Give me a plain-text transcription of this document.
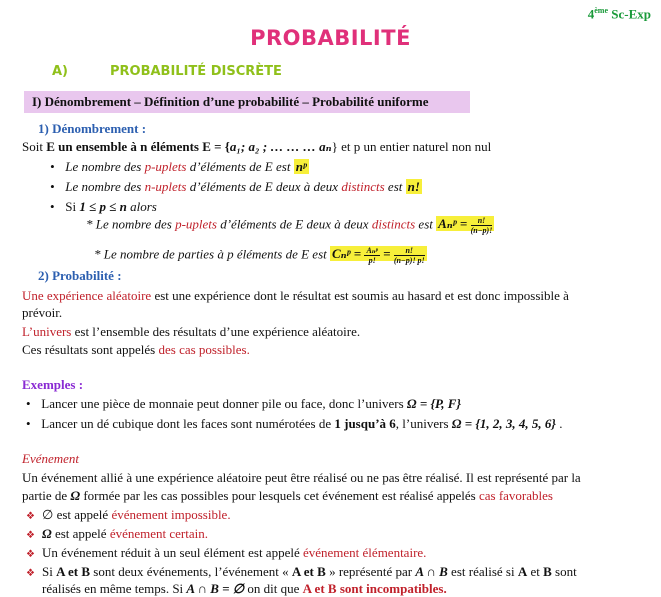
4ème Sc-Exp
PROBABILITÉ
A)	PROBABILITÉ DISCRÈTE
I) Dénombrement – Définition d’une probabilité – Probabilité uniforme
1) Dénombrement :
Soit E un ensemble à n éléments E = {a₁; a₂ ; … … … aₙ} et p un entier naturel non nul
• Le nombre des p-uplets d’éléments de E est nᵖ
• Le nombre des n-uplets d’éléments de E deux à deux distincts est n!
• Si 1 ≤ p ≤ n alors
* Le nombre des p-uplets d’éléments de E deux à deux distincts est Aₙᵖ = $\frac{n!}{(n-p)!}$
* Le nombre de parties à p éléments de E est Cₙᵖ = $\frac{\text{Aₙᵖ}}{p!} = \frac{n!}{(n-p)! p!}$
2) Probabilité :
Une expérience aléatoire est une expérience dont le résultat est soumis au hasard et est donc impossible à
prévoir.
L’univers est l’ensemble des résultats d’une expérience aléatoire.
Ces résultats sont appelés des cas possibles.
Exemples :
• Lancer une pièce de monnaie peut donner pile ou face, donc l’univers Ω = {P, F}
• Lancer un dé cubique dont les faces sont numérotées de 1 jusqu’à 6, l’univers Ω = {1, 2, 3, 4, 5, 6} .
Evénement
Un événement allié à une expérience aléatoire peut être réalisé ou ne pas être réalisé. Il est représenté par la
partie de Ω formée par les cas possibles pour lesquels cet événement est réalisé appelés cas favorables
❖ ∅ est appelé événement impossible.
❖ Ω est appelé événement certain.
❖ Un événement réduit à un seul élément est appelé événement élémentaire.
❖ Si A et B sont deux événements, l’événement « A et B » représenté par A ∩ B est réalisé si A et B sont
réalisés en même temps. Si A ∩ B = ∅ on dit que A et B sont incompatibles.
